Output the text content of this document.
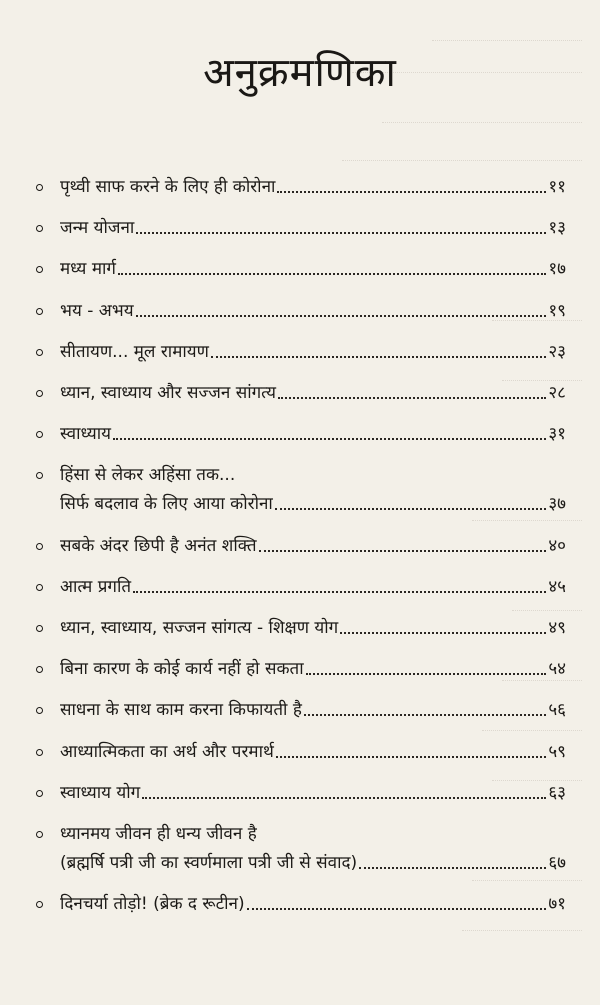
अनुक्रमणिका
पृथ्वी साफ करने के लिए ही कोरोना	११
जन्म योजना	१३
मध्य मार्ग	१७
भय - अभय	१९
सीतायण... मूल रामायण	२३
ध्यान, स्वाध्याय और सज्जन सांगत्य	२८
स्वाध्याय	३१
हिंसा से लेकर अहिंसा तक...
सिर्फ बदलाव के लिए आया कोरोना	३७
सबके अंदर छिपी है अनंत शक्ति	४०
आत्म प्रगति	४५
ध्यान, स्वाध्याय, सज्जन सांगत्य - शिक्षण योग	४९
बिना कारण के कोई कार्य नहीं हो सकता	५४
साधना के साथ काम करना किफायती है	५६
आध्यात्मिकता का अर्थ और परमार्थ	५९
स्वाध्याय योग	६३
ध्यानमय जीवन ही धन्य जीवन है
(ब्रह्मर्षि पत्री जी का स्वर्णमाला पत्री जी से संवाद)	६७
दिनचर्या तोड़ो! (ब्रेक द रूटीन)	७१
